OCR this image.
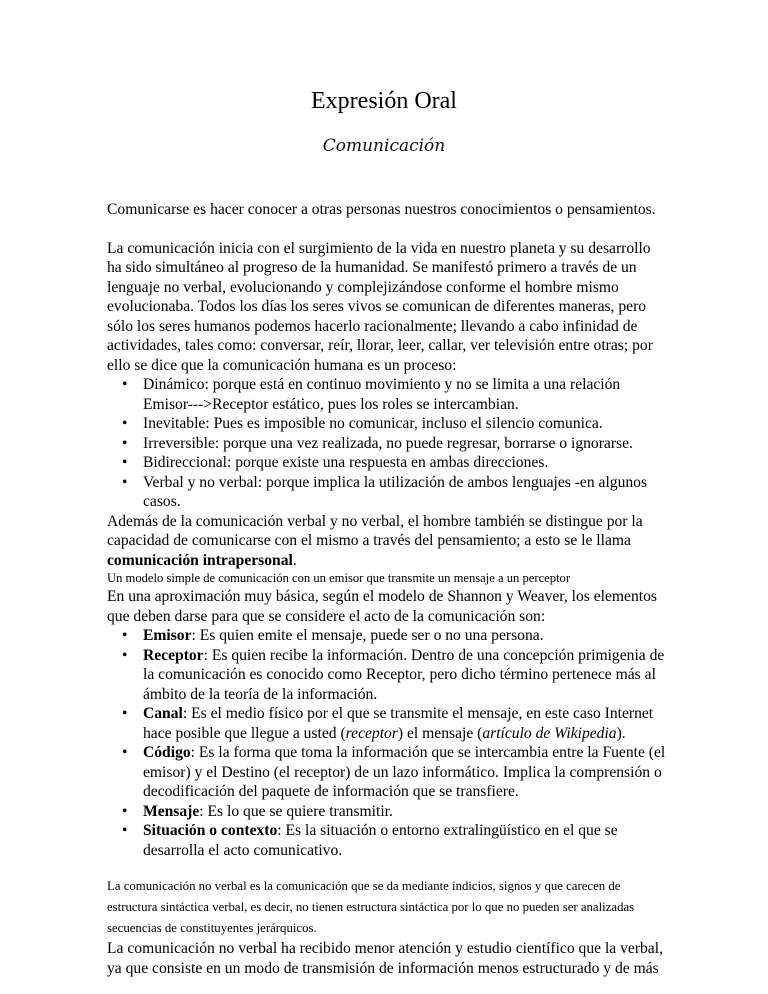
Expresión Oral
Comunicación

Comunicarse es hacer conocer a otras personas nuestros conocimientos o pensamientos.

La comunicación inicia con el surgimiento de la vida en nuestro planeta y su desarrollo ha sido simultáneo al progreso de la humanidad. Se manifestó primero a través de un lenguaje no verbal, evolucionando y complejizándose conforme el hombre mismo evolucionaba. Todos los días los seres vivos se comunican de diferentes maneras, pero sólo los seres humanos podemos hacerlo racionalmente; llevando a cabo infinidad de actividades, tales como: conversar, reír, llorar, leer, callar, ver televisión entre otras; por ello se dice que la comunicación humana es un proceso:

• Dinámico: porque está en continuo movimiento y no se limita a una relación Emisor--->Receptor estático, pues los roles se intercambian.
• Inevitable: Pues es imposible no comunicar, incluso el silencio comunica.
• Irreversible: porque una vez realizada, no puede regresar, borrarse o ignorarse.
• Bidireccional: porque existe una respuesta en ambas direcciones.
• Verbal y no verbal: porque implica la utilización de ambos lenguajes -en algunos casos.

Además de la comunicación verbal y no verbal, el hombre también se distingue por la capacidad de comunicarse con el mismo a través del pensamiento; a esto se le llama comunicación intrapersonal.

Un modelo simple de comunicación con un emisor que transmite un mensaje a un perceptor

En una aproximación muy básica, según el modelo de Shannon y Weaver, los elementos que deben darse para que se considere el acto de la comunicación son:

• Emisor: Es quien emite el mensaje, puede ser o no una persona.
• Receptor: Es quien recibe la información. Dentro de una concepción primigenia de la comunicación es conocido como Receptor, pero dicho término pertenece más al ámbito de la teoría de la información.
• Canal: Es el medio físico por el que se transmite el mensaje, en este caso Internet hace posible que llegue a usted (receptor) el mensaje (artículo de Wikipedia).
• Código: Es la forma que toma la información que se intercambia entre la Fuente (el emisor) y el Destino (el receptor) de un lazo informático. Implica la comprensión o decodificación del paquete de información que se transfiere.
• Mensaje: Es lo que se quiere transmitir.
• Situación o contexto: Es la situación o entorno extralingüístico en el que se desarrolla el acto comunicativo.

La comunicación no verbal es la comunicación que se da mediante indicios, signos y que carecen de estructura sintáctica verbal, es decir, no tienen estructura sintáctica por lo que no pueden ser analizadas secuencias de constituyentes jerárquicos.

La comunicación no verbal ha recibido menor atención y estudio científico que la verbal, ya que consiste en un modo de transmisión de información menos estructurado y de más
